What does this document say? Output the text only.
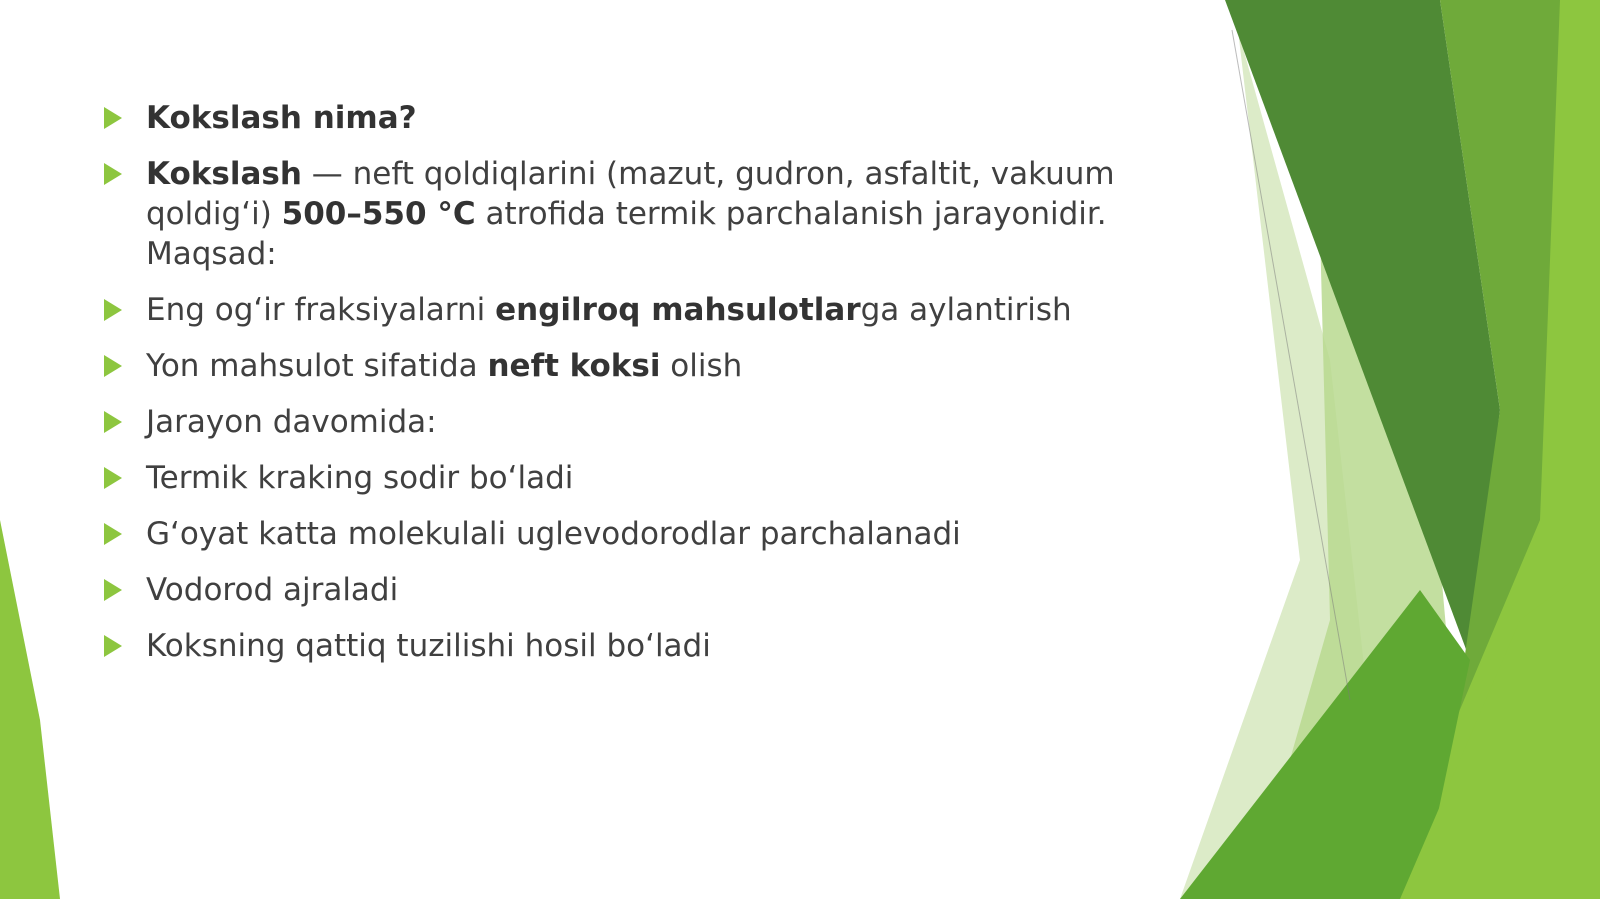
Kokslash nima?
Kokslash — neft qoldiqlarini (mazut, gudron, asfaltit, vakuum qoldig‘i) 500–550 °C atrofida termik parchalanish jarayonidir. Maqsad:
Eng og‘ir fraksiyalarni engilroq mahsulotlarga aylantirish
Yon mahsulot sifatida neft koksi olish
Jarayon davomida:
Termik kraking sodir bo‘ladi
G‘oyat katta molekulali uglevodorodlar parchalanadi
Vodorod ajraladi
Koksning qattiq tuzilishi hosil bo‘ladi
